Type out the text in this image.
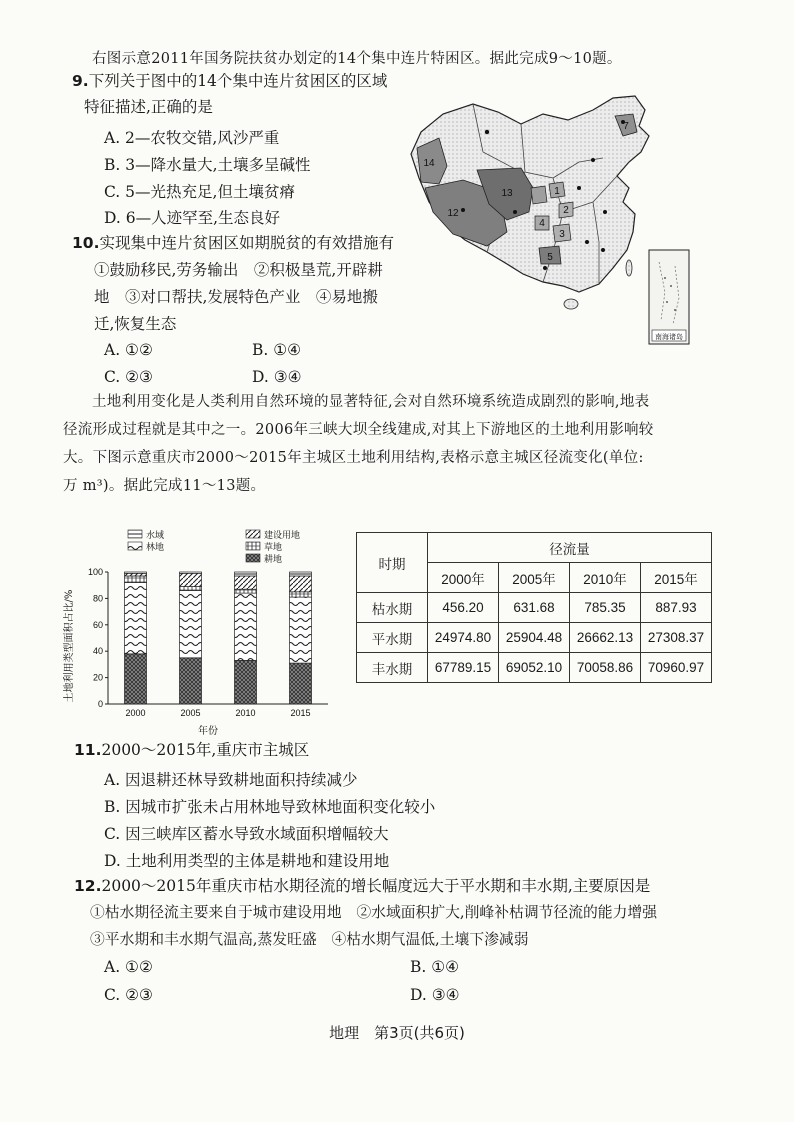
右图示意2011年国务院扶贫办划定的14个集中连片特困区。据此完成9～10题。
9.下列关于图中的14个集中连片贫困区的区域
特征描述,正确的是
A. 2—农牧交错,风沙严重
B. 3—降水量大,土壤多呈碱性
C. 5—光热充足,但土壤贫瘠
D. 6—人迹罕至,生态良好
10.实现集中连片贫困区如期脱贫的有效措施有
①鼓励移民,劳务输出　②积极垦荒,开辟耕
地　③对口帮扶,发展特色产业　④易地搬
迁,恢复生态
A. ①②	B. ①④
C. ②③	D. ③④
14
12
13
7
1
2
3
4
5
南海诸岛
土地利用变化是人类利用自然环境的显著特征,会对自然环境系统造成剧烈的影响,地表
径流形成过程就是其中之一。2006年三峡大坝全线建成,对其上下游地区的土地利用影响较
大。下图示意重庆市2000～2015年主城区土地利用结构,表格示意主城区径流变化(单位:
万 m³)。据此完成11～13题。
水域
林地
建设用地
草地
耕地
土地利用类型面积占比/%
0
20
40
60
80
100
2000	2005	2010	2015
年份
时期	径流量			
	2000年	2005年	2010年	2015年
枯水期	456.20	631.68	785.35	887.93
平水期	24974.80	25904.48	26662.13	27308.37
丰水期	67789.15	69052.10	70058.86	70960.97
11.2000～2015年,重庆市主城区
A. 因退耕还林导致耕地面积持续减少
B. 因城市扩张未占用林地导致林地面积变化较小
C. 因三峡库区蓄水导致水域面积增幅较大
D. 土地利用类型的主体是耕地和建设用地
12.2000～2015年重庆市枯水期径流的增长幅度远大于平水期和丰水期,主要原因是
①枯水期径流主要来自于城市建设用地　②水域面积扩大,削峰补枯调节径流的能力增强
③平水期和丰水期气温高,蒸发旺盛　④枯水期气温低,土壤下渗减弱
A. ①②	B. ①④
C. ②③	D. ③④
地理　第3页(共6页)
